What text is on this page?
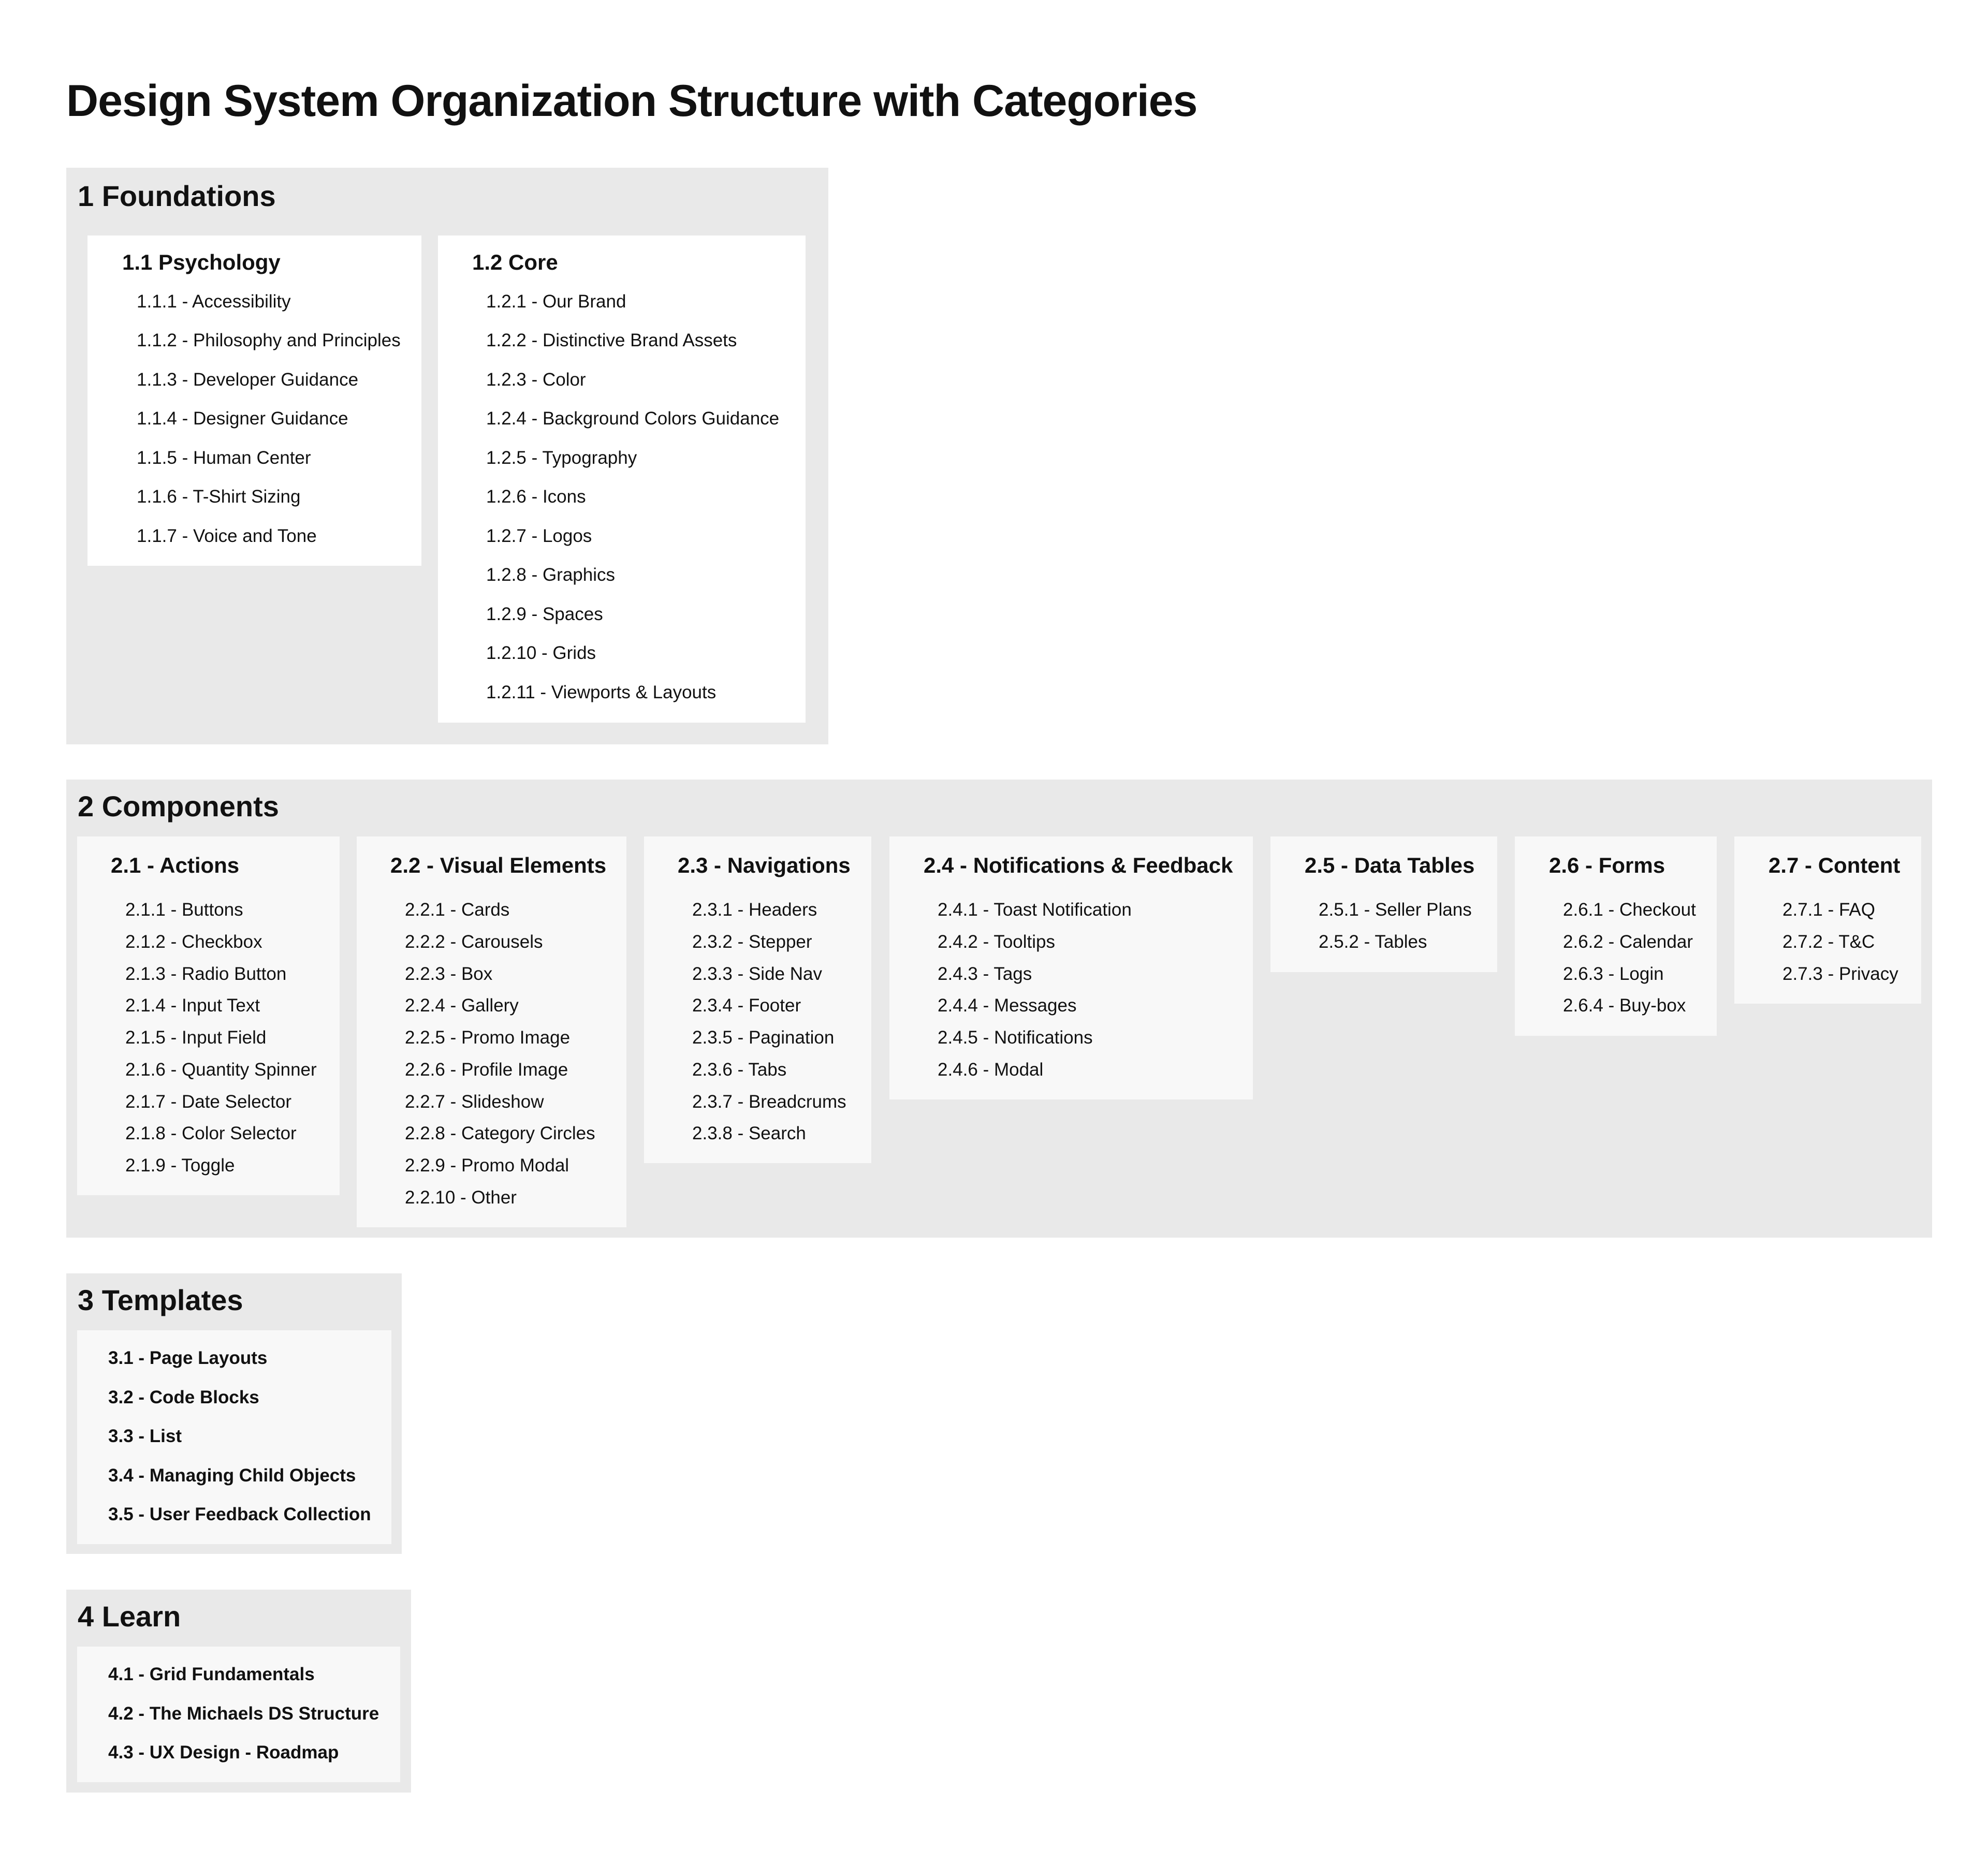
Design System Organization Structure with Categories
1 Foundations
1.1 Psychology
1.1.1 - Accessibility
1.1.2 - Philosophy and Principles
1.1.3 - Developer Guidance
1.1.4 - Designer Guidance
1.1.5 - Human Center
1.1.6 - T-Shirt Sizing
1.1.7 - Voice and Tone
1.2 Core
1.2.1 - Our Brand
1.2.2 - Distinctive Brand Assets
1.2.3 - Color
1.2.4 - Background Colors Guidance
1.2.5 - Typography
1.2.6 - Icons
1.2.7 - Logos
1.2.8 - Graphics
1.2.9 - Spaces
1.2.10 - Grids
1.2.11 - Viewports & Layouts
2 Components
2.1 - Actions
2.1.1 - Buttons
2.1.2 - Checkbox
2.1.3 - Radio Button
2.1.4 - Input Text
2.1.5 - Input Field
2.1.6 - Quantity Spinner
2.1.7 - Date Selector
2.1.8 - Color Selector
2.1.9 - Toggle
2.2 - Visual Elements
2.2.1 - Cards
2.2.2 - Carousels
2.2.3 - Box
2.2.4 - Gallery
2.2.5 - Promo Image
2.2.6 - Profile Image
2.2.7 - Slideshow
2.2.8 - Category Circles
2.2.9 - Promo Modal
2.2.10 - Other
2.3 - Navigations
2.3.1 - Headers
2.3.2 - Stepper
2.3.3 - Side Nav
2.3.4 - Footer
2.3.5 - Pagination
2.3.6 - Tabs
2.3.7 - Breadcrums
2.3.8 - Search
2.4 - Notifications & Feedback
2.4.1 - Toast Notification
2.4.2 - Tooltips
2.4.3 - Tags
2.4.4 - Messages
2.4.5 - Notifications
2.4.6 - Modal
2.5 - Data Tables
2.5.1 - Seller Plans
2.5.2 - Tables
2.6 - Forms
2.6.1 - Checkout
2.6.2 - Calendar
2.6.3 - Login
2.6.4 - Buy-box
2.7 - Content
2.7.1 - FAQ
2.7.2 - T&C
2.7.3 - Privacy
3 Templates
3.1 - Page Layouts
3.2 - Code Blocks
3.3 - List
3.4 - Managing Child Objects
3.5 - User Feedback Collection
4 Learn
4.1 - Grid Fundamentals
4.2 - The Michaels DS Structure
4.3 - UX Design - Roadmap
